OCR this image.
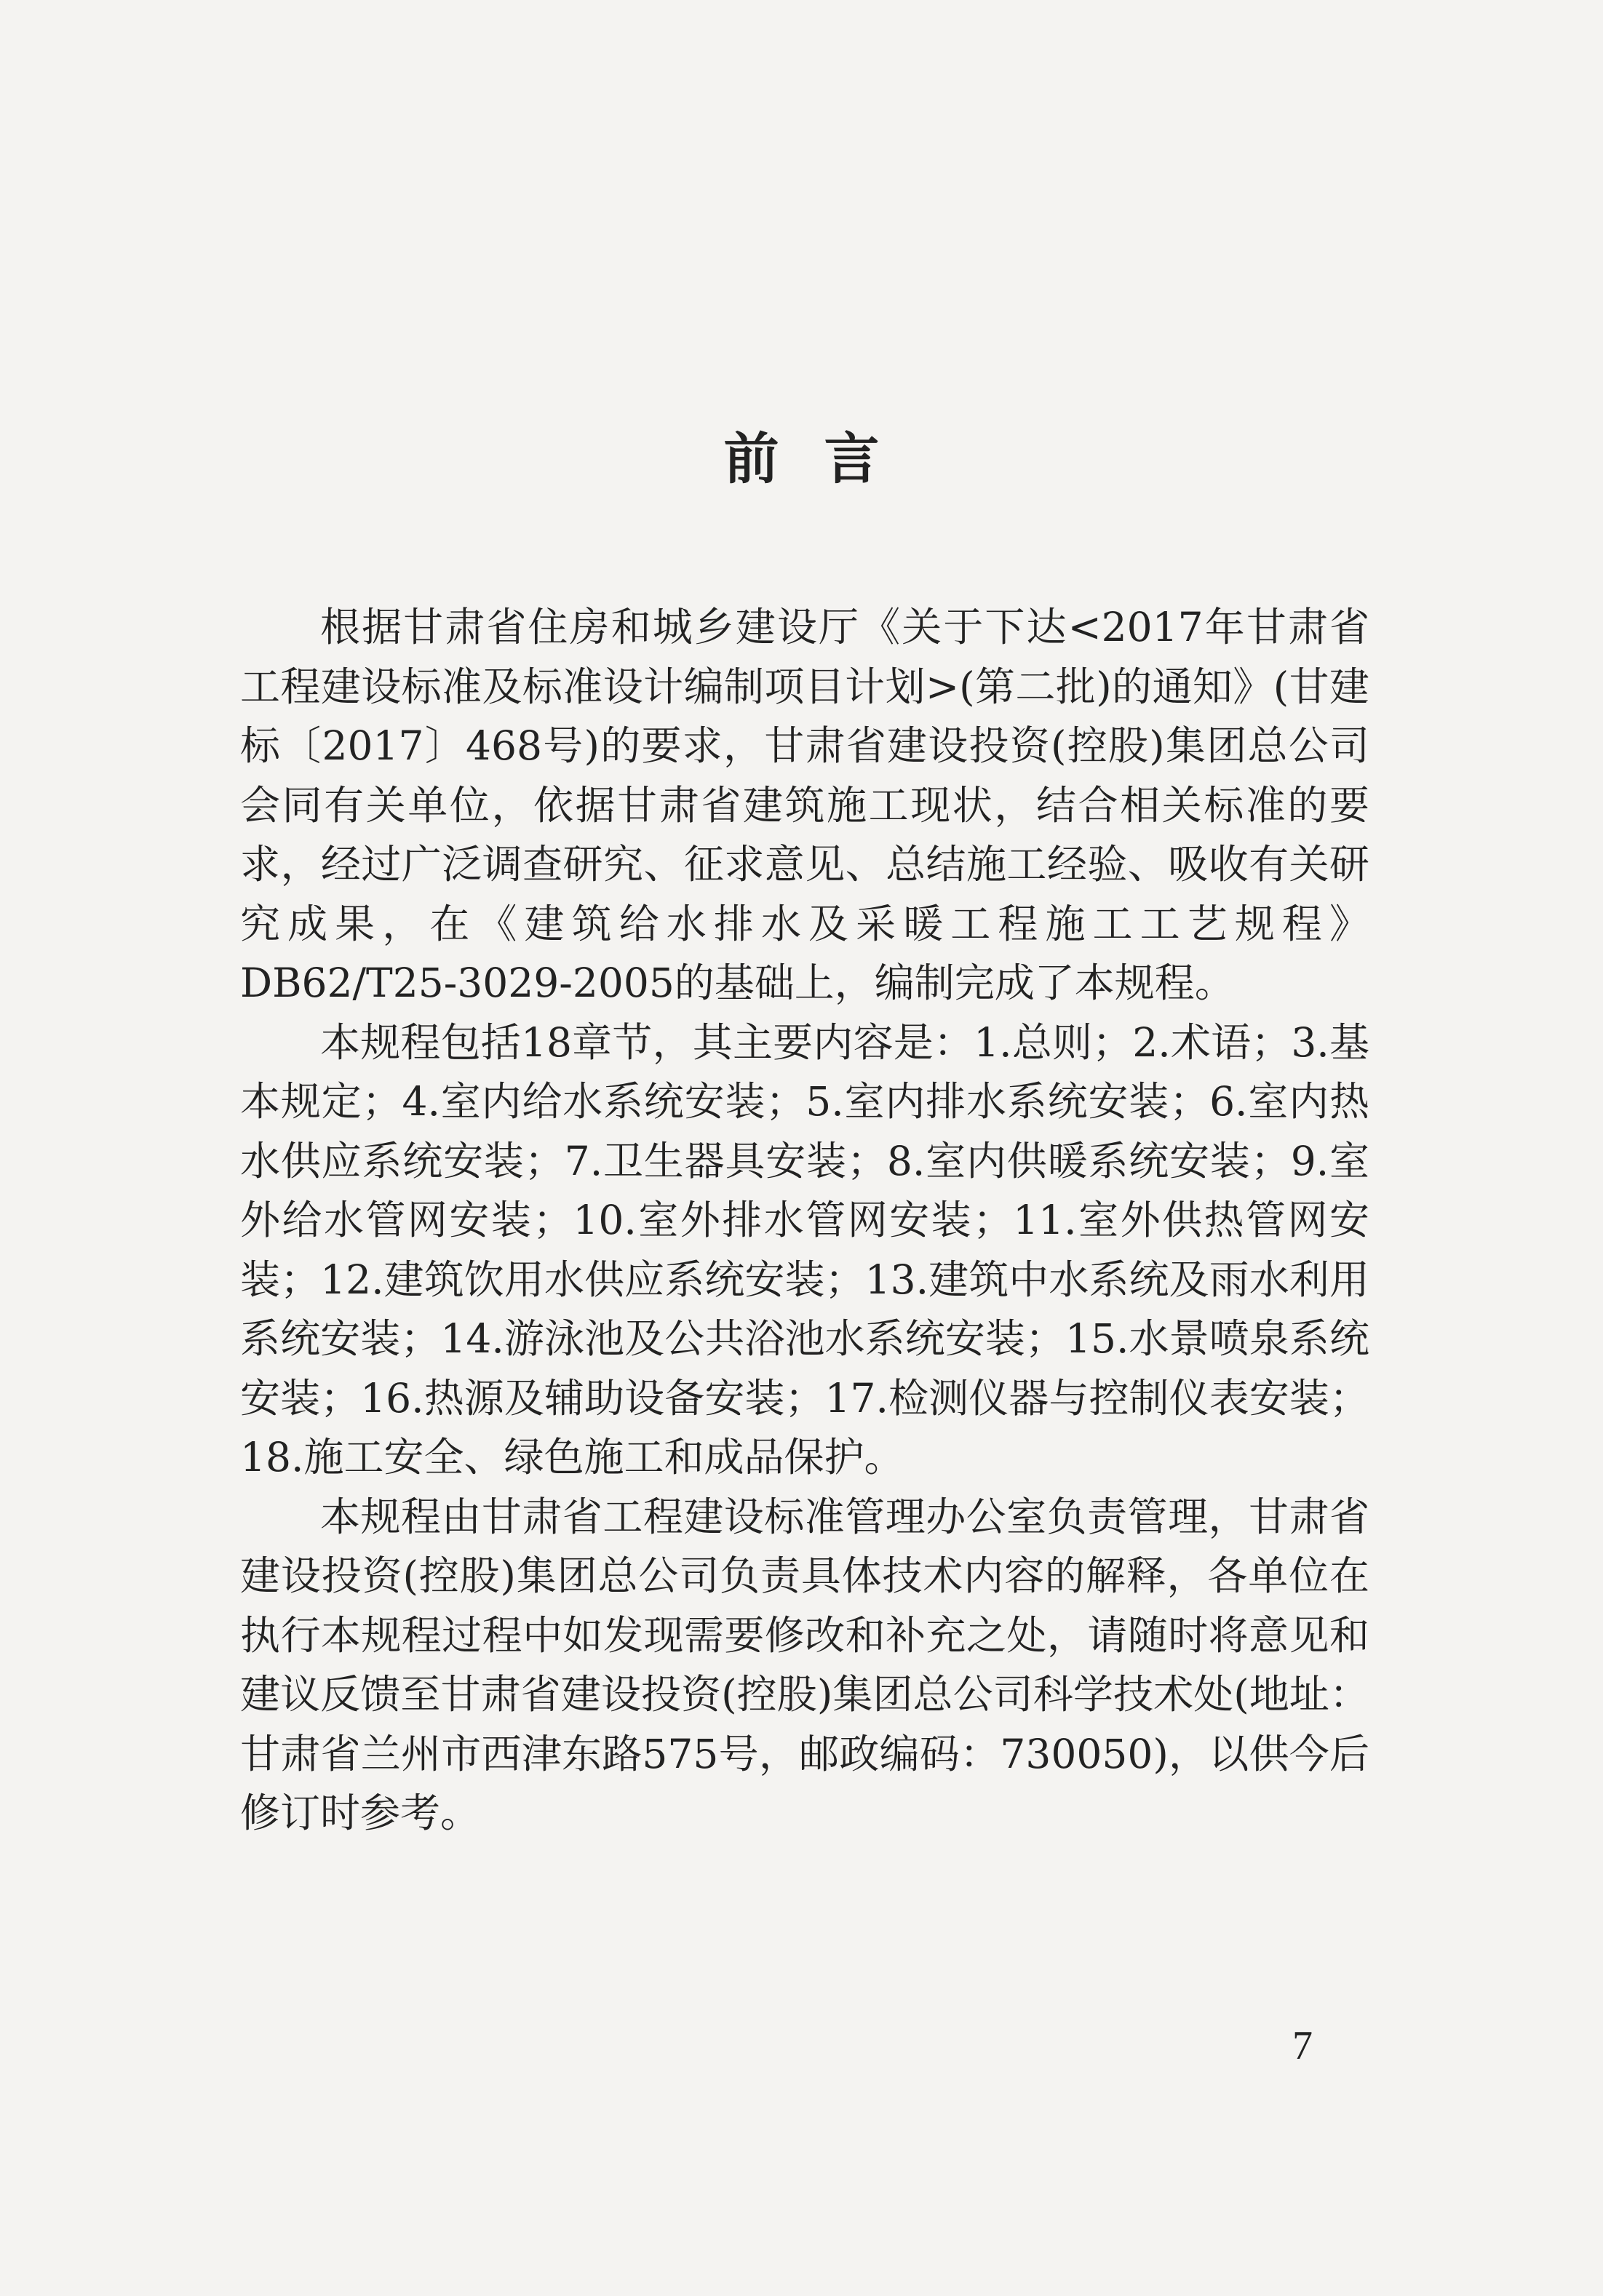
前言

根据甘肃省住房和城乡建设厅《关于下达<2017年甘肃省工程建设标准及标准设计编制项目计划>(第二批)的通知》(甘建标〔2017〕468号)的要求，甘肃省建设投资(控股)集团总公司会同有关单位，依据甘肃省建筑施工现状，结合相关标准的要求，经过广泛调查研究、征求意见、总结施工经验、吸收有关研究成果，在《建筑给水排水及采暖工程施工工艺规程》DB62/T25-3029-2005的基础上，编制完成了本规程。

本规程包括18章节，其主要内容是：1.总则；2.术语；3.基本规定；4.室内给水系统安装；5.室内排水系统安装；6.室内热水供应系统安装；7.卫生器具安装；8.室内供暖系统安装；9.室外给水管网安装；10.室外排水管网安装；11.室外供热管网安装；12.建筑饮用水供应系统安装；13.建筑中水系统及雨水利用系统安装；14.游泳池及公共浴池水系统安装；15.水景喷泉系统安装；16.热源及辅助设备安装；17.检测仪器与控制仪表安装；18.施工安全、绿色施工和成品保护。

本规程由甘肃省工程建设标准管理办公室负责管理，甘肃省建设投资(控股)集团总公司负责具体技术内容的解释，各单位在执行本规程过程中如发现需要修改和补充之处，请随时将意见和建议反馈至甘肃省建设投资(控股)集团总公司科学技术处(地址：甘肃省兰州市西津东路575号，邮政编码：730050)，以供今后修订时参考。

7
